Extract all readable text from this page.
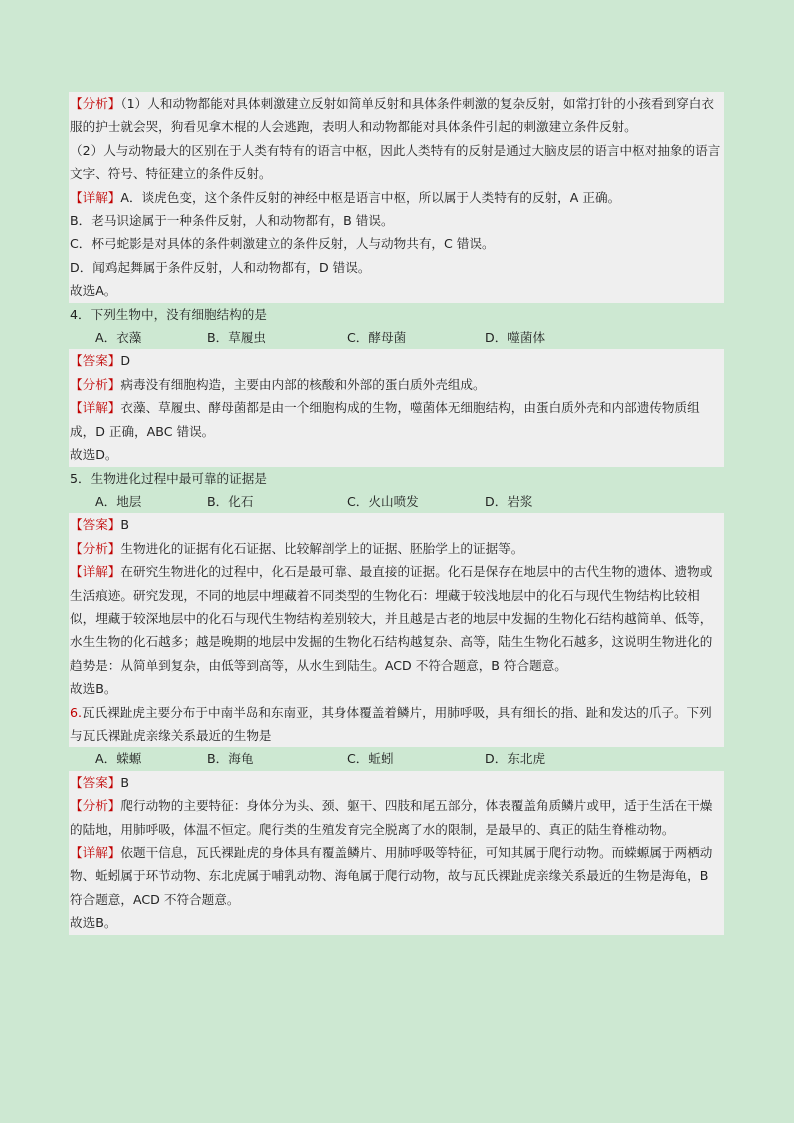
【分析】（1）人和动物都能对具体刺激建立反射如简单反射和具体条件刺激的复杂反射，如常打针的小孩看到穿白衣服的护士就会哭，狗看见拿木棍的人会逃跑，表明人和动物都能对具体条件引起的刺激建立条件反射。
（2）人与动物最大的区别在于人类有特有的语言中枢，因此人类特有的反射是通过大脑皮层的语言中枢对抽象的语言文字、符号、特征建立的条件反射。
【详解】A．谈虎色变，这个条件反射的神经中枢是语言中枢，所以属于人类特有的反射，A 正确。
B．老马识途属于一种条件反射，人和动物都有，B 错误。
C．杯弓蛇影是对具体的条件刺激建立的条件反射，人与动物共有，C 错误。
D．闻鸡起舞属于条件反射，人和动物都有，D 错误。
故选A。
4．下列生物中，没有细胞结构的是
A．衣藻	B．草履虫	C．酵母菌	D．噬菌体
【答案】D
【分析】病毒没有细胞构造，主要由内部的核酸和外部的蛋白质外壳组成。
【详解】衣藻、草履虫、酵母菌都是由一个细胞构成的生物，噬菌体无细胞结构，由蛋白质外壳和内部遗传物质组成，D 正确，ABC 错误。
故选D。
5．生物进化过程中最可靠的证据是
A．地层	B．化石	C．火山喷发	D．岩浆
【答案】B
【分析】生物进化的证据有化石证据、比较解剖学上的证据、胚胎学上的证据等。
【详解】在研究生物进化的过程中，化石是最可靠、最直接的证据。化石是保存在地层中的古代生物的遗体、遗物或生活痕迹。研究发现，不同的地层中埋藏着不同类型的生物化石：埋藏于较浅地层中的化石与现代生物结构比较相似，埋藏于较深地层中的化石与现代生物结构差别较大，并且越是古老的地层中发掘的生物化石结构越简单、低等，水生生物的化石越多；越是晚期的地层中发掘的生物化石结构越复杂、高等，陆生生物化石越多，这说明生物进化的趋势是：从简单到复杂，由低等到高等，从水生到陆生。ACD 不符合题意，B 符合题意。
故选B。
6.瓦氏裸趾虎主要分布于中南半岛和东南亚，其身体覆盖着鳞片，用肺呼吸，具有细长的指、趾和发达的爪子。下列与瓦氏裸趾虎亲缘关系最近的生物是
A．蝾螈	B．海龟	C．蚯蚓	D．东北虎
【答案】B
【分析】爬行动物的主要特征：身体分为头、颈、躯干、四肢和尾五部分，体表覆盖角质鳞片或甲，适于生活在干燥的陆地，用肺呼吸，体温不恒定。爬行类的生殖发育完全脱离了水的限制，是最早的、真正的陆生脊椎动物。
【详解】依题干信息，瓦氏裸趾虎的身体具有覆盖鳞片、用肺呼吸等特征，可知其属于爬行动物。而蝾螈属于两栖动物、蚯蚓属于环节动物、东北虎属于哺乳动物、海龟属于爬行动物，故与瓦氏裸趾虎亲缘关系最近的生物是海龟，B 符合题意，ACD 不符合题意。
故选B。
